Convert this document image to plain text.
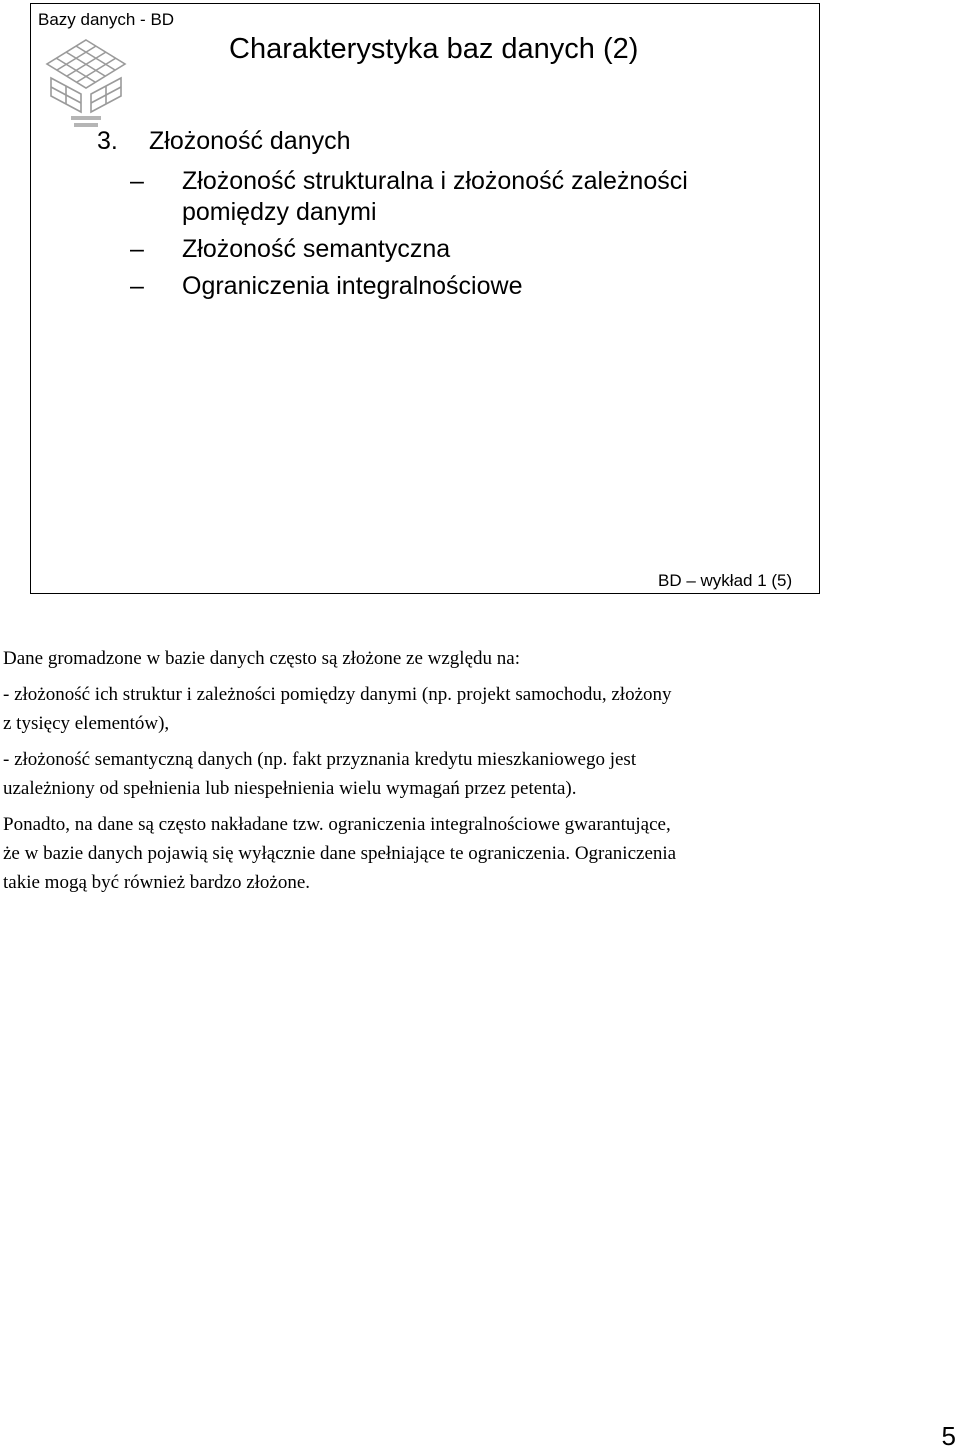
Bazy danych - BD
Charakterystyka baz danych (2)
3. Złożoność danych
–	Złożoność strukturalna i złożoność zależności
pomiędzy danymi
–	Złożoność semantyczna
–	Ograniczenia integralnościowe
BD – wykład 1 (5)

Dane gromadzone w bazie danych często są złożone ze względu na:

- złożoność ich struktur i zależności pomiędzy danymi (np. projekt samochodu, złożony
z tysięcy elementów),

- złożoność semantyczną danych (np. fakt przyznania kredytu mieszkaniowego jest
uzależniony od spełnienia lub niespełnienia wielu wymagań przez petenta).

Ponadto, na dane są często nakładane tzw. ograniczenia integralnościowe gwarantujące,
że w bazie danych pojawią się wyłącznie dane spełniające te ograniczenia. Ograniczenia
takie mogą być również bardzo złożone.

5
